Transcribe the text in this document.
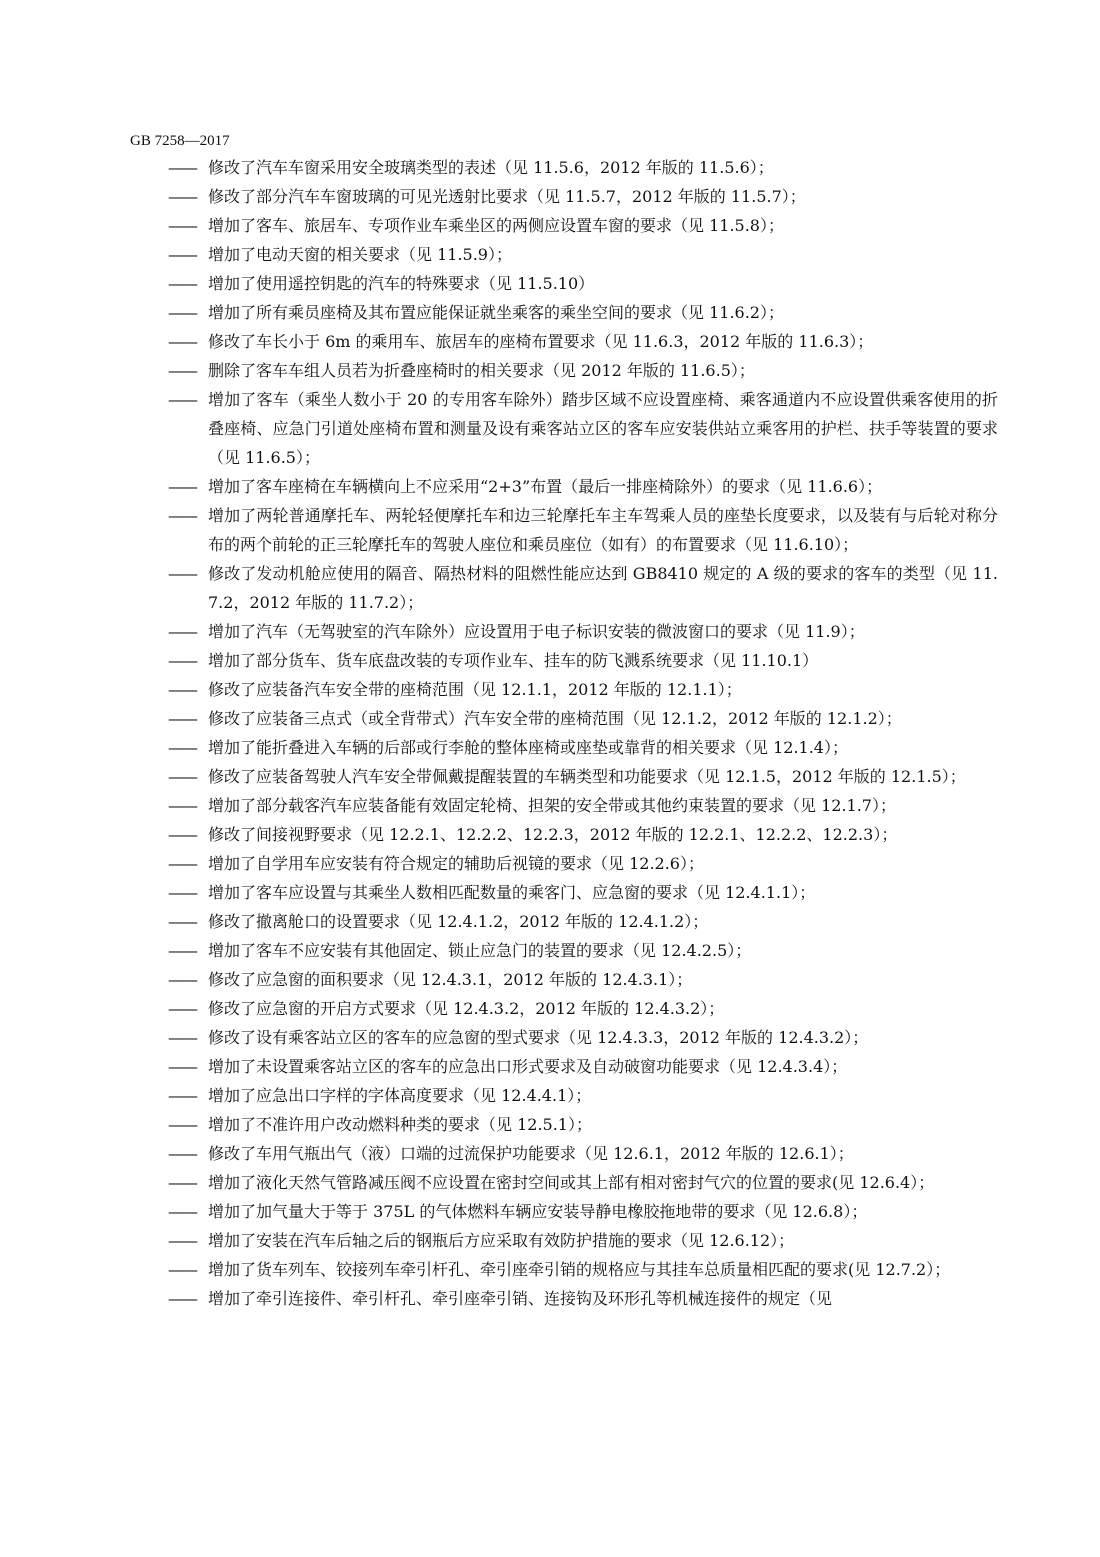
GB 7258—2017
—— 修改了汽车车窗采用安全玻璃类型的表述（见 11.5.6，2012 年版的 11.5.6）；
—— 修改了部分汽车车窗玻璃的可见光透射比要求（见 11.5.7，2012 年版的 11.5.7）；
—— 增加了客车、旅居车、专项作业车乘坐区的两侧应设置车窗的要求（见 11.5.8）；
—— 增加了电动天窗的相关要求（见 11.5.9）；
—— 增加了使用遥控钥匙的汽车的特殊要求（见 11.5.10）
—— 增加了所有乘员座椅及其布置应能保证就坐乘客的乘坐空间的要求（见 11.6.2）；
—— 修改了车长小于 6m 的乘用车、旅居车的座椅布置要求（见 11.6.3，2012 年版的 11.6.3）；
—— 删除了客车车组人员若为折叠座椅时的相关要求（见 2012 年版的 11.6.5）；
—— 增加了客车（乘坐人数小于 20 的专用客车除外）踏步区域不应设置座椅、乘客通道内不应设置供乘客使用的折叠座椅、应急门引道处座椅布置和测量及设有乘客站立区的客车应安装供站立乘客用的护栏、扶手等装置的要求（见 11.6.5）；
—— 增加了客车座椅在车辆横向上不应采用“2+3”布置（最后一排座椅除外）的要求（见 11.6.6）；
—— 增加了两轮普通摩托车、两轮轻便摩托车和边三轮摩托车主车驾乘人员的座垫长度要求，以及装有与后轮对称分布的两个前轮的正三轮摩托车的驾驶人座位和乘员座位（如有）的布置要求（见 11.6.10）；
—— 修改了发动机舱应使用的隔音、隔热材料的阻燃性能应达到 GB8410 规定的 A 级的要求的客车的类型（见 11.7.2，2012 年版的 11.7.2）；
—— 增加了汽车（无驾驶室的汽车除外）应设置用于电子标识安装的微波窗口的要求（见 11.9）；
—— 增加了部分货车、货车底盘改装的专项作业车、挂车的防飞溅系统要求（见 11.10.1）
—— 修改了应装备汽车安全带的座椅范围（见 12.1.1，2012 年版的 12.1.1）；
—— 修改了应装备三点式（或全背带式）汽车安全带的座椅范围（见 12.1.2，2012 年版的 12.1.2）；
—— 增加了能折叠进入车辆的后部或行李舱的整体座椅或座垫或靠背的相关要求（见 12.1.4）；
—— 修改了应装备驾驶人汽车安全带佩戴提醒装置的车辆类型和功能要求（见 12.1.5，2012 年版的 12.1.5）；
—— 增加了部分载客汽车应装备能有效固定轮椅、担架的安全带或其他约束装置的要求（见 12.1.7）；
—— 修改了间接视野要求（见 12.2.1、12.2.2、12.2.3，2012 年版的 12.2.1、12.2.2、12.2.3）；
—— 增加了自学用车应安装有符合规定的辅助后视镜的要求（见 12.2.6）；
—— 增加了客车应设置与其乘坐人数相匹配数量的乘客门、应急窗的要求（见 12.4.1.1）；
—— 修改了撤离舱口的设置要求（见 12.4.1.2，2012 年版的 12.4.1.2）；
—— 增加了客车不应安装有其他固定、锁止应急门的装置的要求（见 12.4.2.5）；
—— 修改了应急窗的面积要求（见 12.4.3.1，2012 年版的 12.4.3.1）；
—— 修改了应急窗的开启方式要求（见 12.4.3.2，2012 年版的 12.4.3.2）；
—— 修改了设有乘客站立区的客车的应急窗的型式要求（见 12.4.3.3，2012 年版的 12.4.3.2）；
—— 增加了未设置乘客站立区的客车的应急出口形式要求及自动破窗功能要求（见 12.4.3.4）；
—— 增加了应急出口字样的字体高度要求（见 12.4.4.1）；
—— 增加了不准许用户改动燃料种类的要求（见 12.5.1）；
—— 修改了车用气瓶出气（液）口端的过流保护功能要求（见 12.6.1，2012 年版的 12.6.1）；
—— 增加了液化天然气管路减压阀不应设置在密封空间或其上部有相对密封气穴的位置的要求(见 12.6.4）；
—— 增加了加气量大于等于 375L 的气体燃料车辆应安装导静电橡胶拖地带的要求（见 12.6.8）；
—— 增加了安装在汽车后轴之后的钢瓶后方应采取有效防护措施的要求（见 12.6.12）；
—— 增加了货车列车、铰接列车牵引杆孔、牵引座牵引销的规格应与其挂车总质量相匹配的要求(见 12.7.2）；
—— 增加了牵引连接件、牵引杆孔、牵引座牵引销、连接钩及环形孔等机械连接件的规定（见
